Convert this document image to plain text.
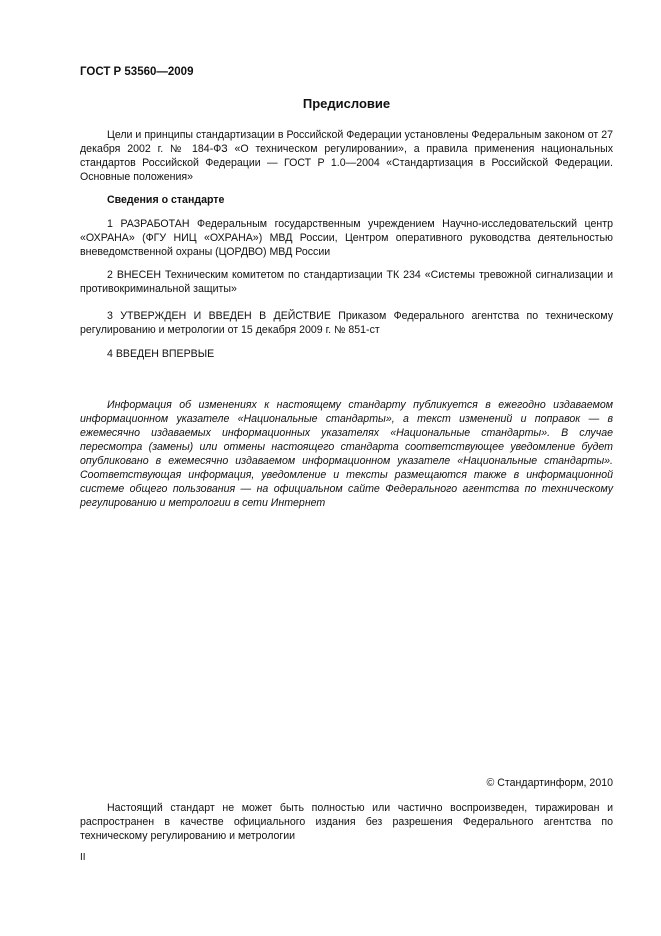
ГОСТ Р 53560—2009
Предисловие

Цели и принципы стандартизации в Российской Федерации установлены Федеральным законом от 27 декабря 2002 г. № 184-ФЗ «О техническом регулировании», а правила применения национальных стандартов Российской Федерации — ГОСТ Р 1.0—2004 «Стандартизация в Российской Федерации. Основные положения»

Сведения о стандарте

1 РАЗРАБОТАН Федеральным государственным учреждением Научно-исследовательский центр «ОХРАНА» (ФГУ НИЦ «ОХРАНА») МВД России, Центром оперативного руководства деятельностью вневедомственной охраны (ЦОРДВО) МВД России

2 ВНЕСЕН Техническим комитетом по стандартизации ТК 234 «Системы тревожной сигнализации и противокриминальной защиты»

3 УТВЕРЖДЕН И ВВЕДЕН В ДЕЙСТВИЕ Приказом Федерального агентства по техническому регулированию и метрологии от 15 декабря 2009 г. № 851-ст

4 ВВЕДЕН ВПЕРВЫЕ

Информация об изменениях к настоящему стандарту публикуется в ежегодно издаваемом информационном указателе «Национальные стандарты», а текст изменений и поправок — в ежемесячно издаваемых информационных указателях «Национальные стандарты». В случае пересмотра (замены) или отмены настоящего стандарта соответствующее уведомление будет опубликовано в ежемесячно издаваемом информационном указателе «Национальные стандарты». Соответствующая информация, уведомление и тексты размещаются также в информационной системе общего пользования — на официальном сайте Федерального агентства по техническому регулированию и метрологии в сети Интернет

© Стандартинформ, 2010

Настоящий стандарт не может быть полностью или частично воспроизведен, тиражирован и распространен в качестве официального издания без разрешения Федерального агентства по техническому регулированию и метрологии

II
